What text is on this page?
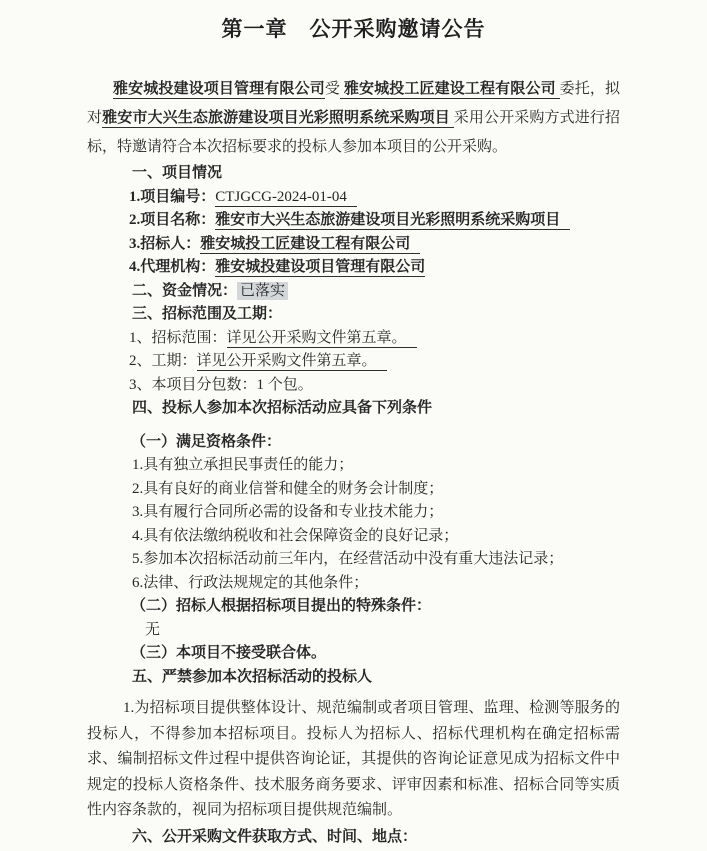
第一章　公开采购邀请公告

雅安城投建设项目管理有限公司受 雅安城投工匠建设工程有限公司 委托，拟对雅安市大兴生态旅游建设项目光彩照明系统采购项目 采用公开采购方式进行招标，特邀请符合本次招标要求的投标人参加本项目的公开采购。

一、项目情况
1.项目编号：CTJGCG-2024-01-04
2.项目名称：雅安市大兴生态旅游建设项目光彩照明系统采购项目
3.招标人：雅安城投工匠建设工程有限公司
4.代理机构：雅安城投建设项目管理有限公司
二、资金情况： 已落实
三、招标范围及工期：
1、招标范围：详见公开采购文件第五章。
2、工期：详见公开采购文件第五章。
3、本项目分包数：1 个包。
四、投标人参加本次招标活动应具备下列条件
（一）满足资格条件：
1.具有独立承担民事责任的能力；
2.具有良好的商业信誉和健全的财务会计制度；
3.具有履行合同所必需的设备和专业技术能力；
4.具有依法缴纳税收和社会保障资金的良好记录；
5.参加本次招标活动前三年内，在经营活动中没有重大违法记录；
6.法律、行政法规规定的其他条件；
（二）招标人根据招标项目提出的特殊条件：
无
（三）本项目不接受联合体。
五、严禁参加本次招标活动的投标人

1.为招标项目提供整体设计、规范编制或者项目管理、监理、检测等服务的投标人，不得参加本招标项目。投标人为招标人、招标代理机构在确定招标需求、编制招标文件过程中提供咨询论证，其提供的咨询论证意见成为招标文件中规定的投标人资格条件、技术服务商务要求、评审因素和标准、招标合同等实质性内容条款的，视同为招标项目提供规范编制。

六、公开采购文件获取方式、时间、地点：
